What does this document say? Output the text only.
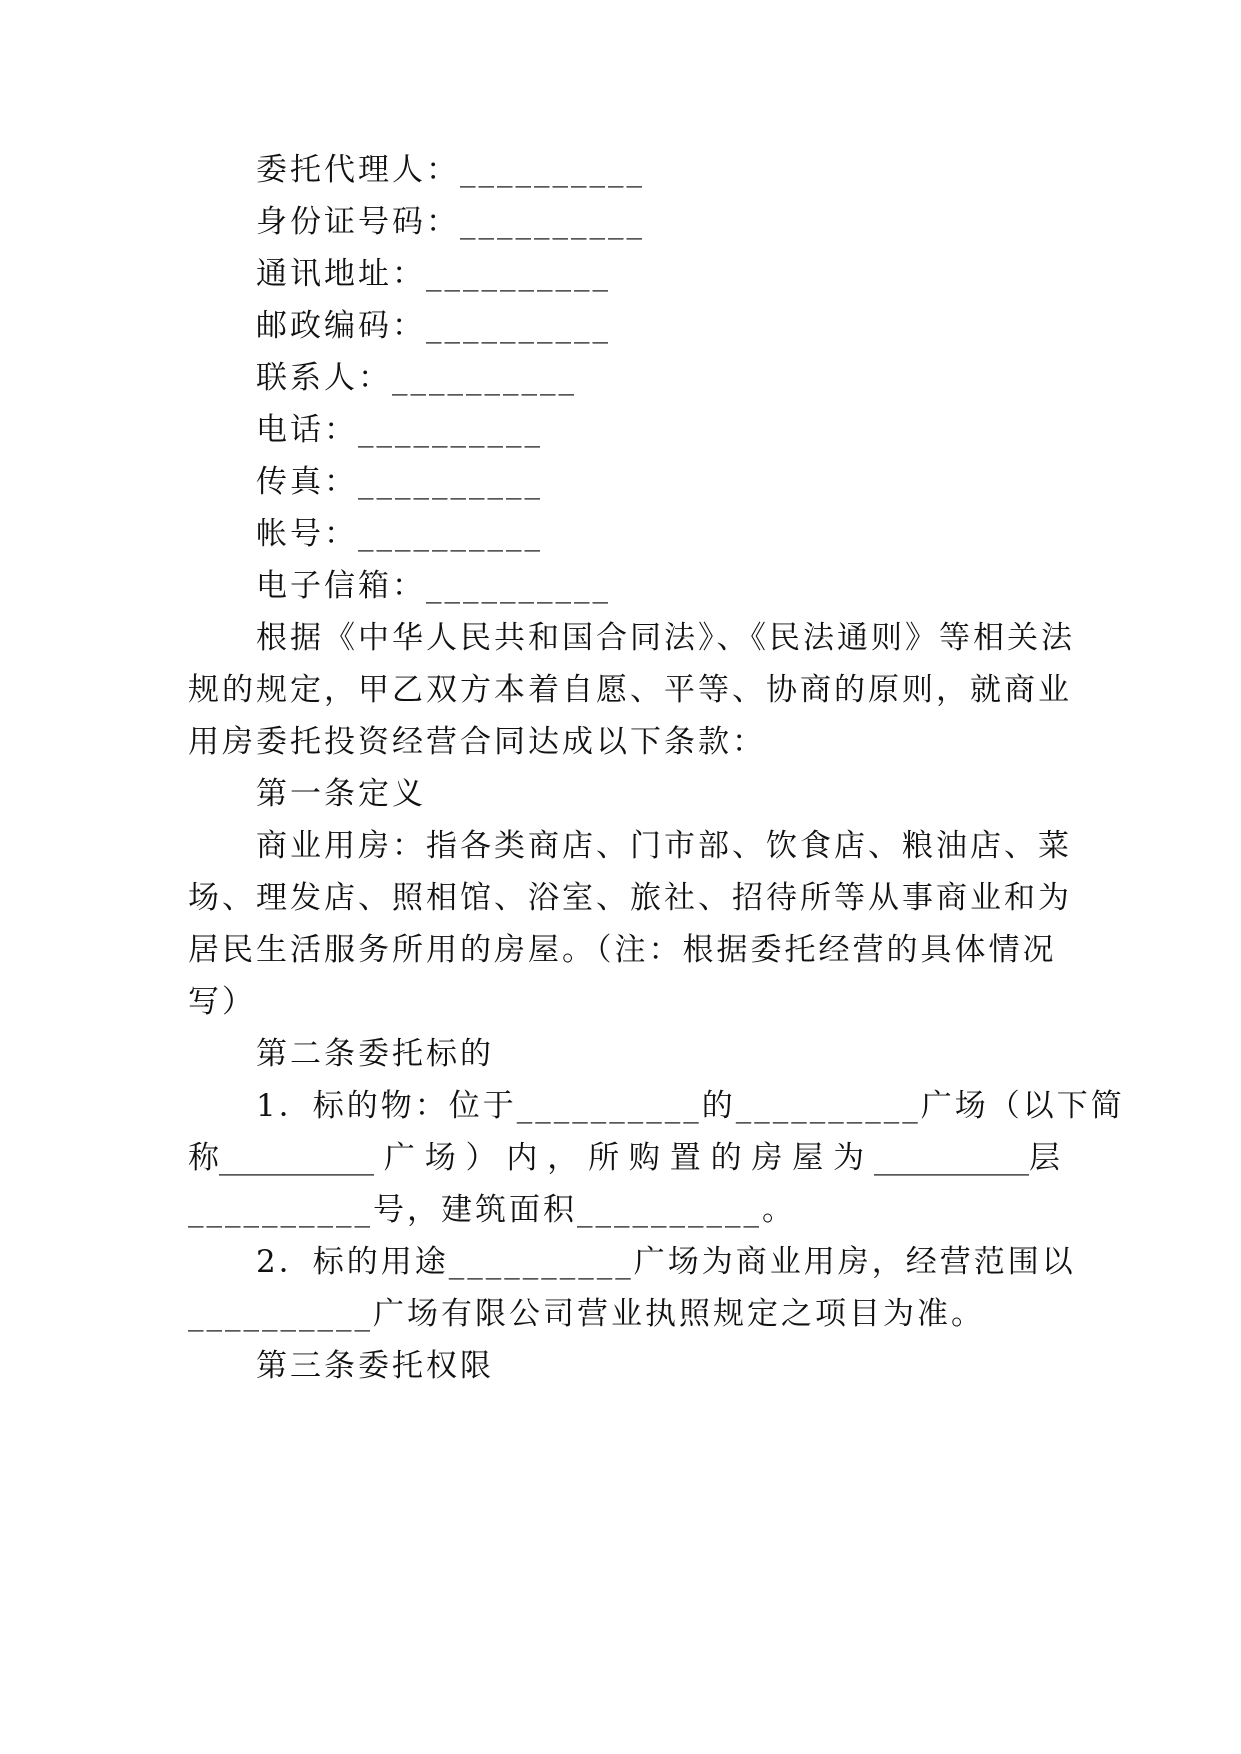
委托代理人：__________
身份证号码：__________
通讯地址：__________
邮政编码：__________
联系人：__________
电话：__________
传真：__________
帐号：__________
电子信箱：__________
根据《中华人民共和国合同法》、《民法通则》等相关法
规的规定，甲乙双方本着自愿、平等、协商的原则，就商业
用房委托投资经营合同达成以下条款：
第一条定义
商业用房：指各类商店、门市部、饮食店、粮油店、菜
场、理发店、照相馆、浴室、旅社、招待所等从事商业和为
居民生活服务所用的房屋。（注：根据委托经营的具体情况
写）
第二条委托标的
1．标的物：位于__________的__________广场（以下简
称__________ 广 场 ） 内 ， 所 购 置 的 房 屋 为 __________层
__________号，建筑面积__________。
2．标的用途__________广场为商业用房，经营范围以
__________广场有限公司营业执照规定之项目为准。
第三条委托权限
